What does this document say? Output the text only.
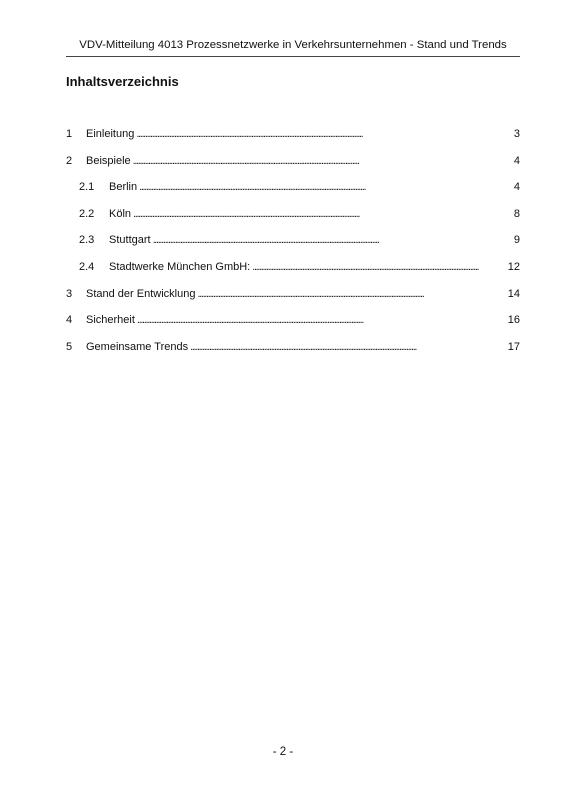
VDV-Mitteilung 4013 Prozessnetzwerke in Verkehrsunternehmen - Stand und Trends
Inhaltsverzeichnis
1	Einleitung . . .	3
2	Beispiele . . .	4
2.1	Berlin . . .	4
2.2	Köln . . .	8
2.3	Stuttgart . . .	9
2.4	Stadtwerke München GmbH: . . .	12
3	Stand der Entwicklung . . .	14
4	Sicherheit . . .	16
5	Gemeinsame Trends . . .	17
- 2 -
